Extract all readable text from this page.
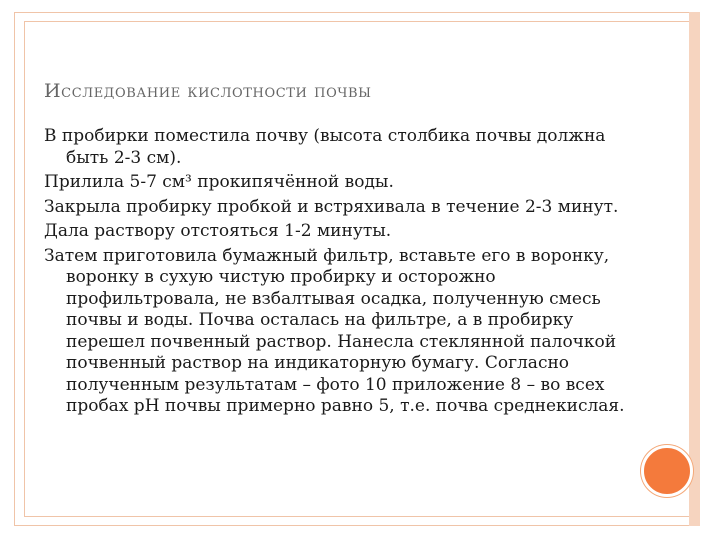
Исследование кислотности почвы
В пробирки поместила почву (высота столбика почвы должна быть 2-3 см).
Прилила 5-7 см³ прокипячённой воды.
Закрыла пробирку пробкой и встряхивала в течение 2-3 минут.
Дала раствору отстояться 1-2 минуты.
Затем приготовила бумажный фильтр, вставьте его в воронку, воронку в сухую чистую пробирку и осторожно профильтровала, не взбалтывая осадка, полученную смесь почвы и воды. Почва осталась на фильтре, а в пробирку перешел почвенный раствор. Нанесла стеклянной палочкой почвенный раствор на индикаторную бумагу. Согласно полученным результатам – фото 10 приложение 8 – во всех пробах pH почвы примерно равно 5, т.е. почва среднекислая.
